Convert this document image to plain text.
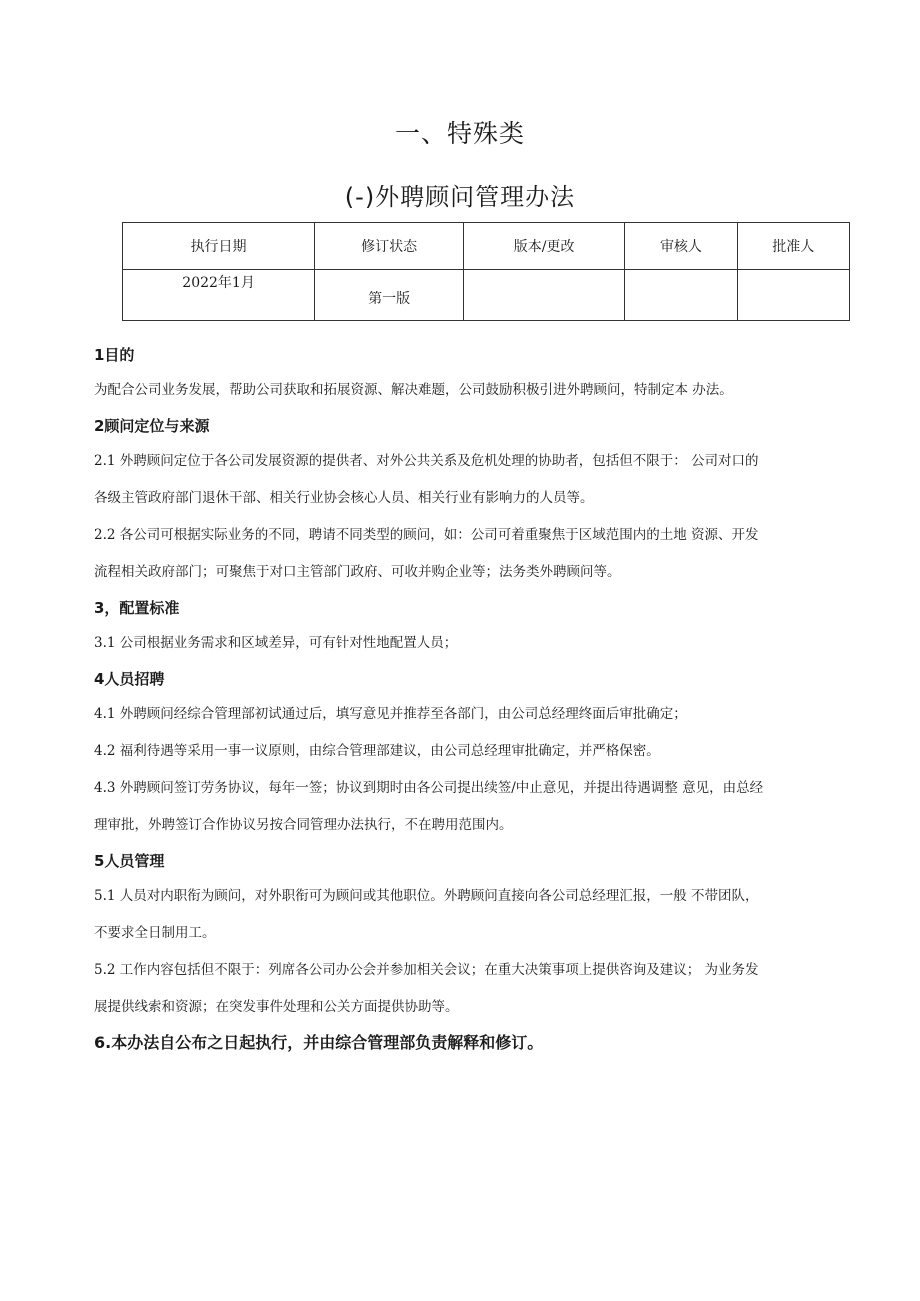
一、特殊类
(-)外聘顾问管理办法
执行日期	修订状态	版本/更改	审核人	批准人
2022年1月	第一版			

1目的

为配合公司业务发展，帮助公司获取和拓展资源、解决难题，公司鼓励积极引进外聘顾问，特制定本 办法。

2顾问定位与来源

2.1 外聘顾问定位于各公司发展资源的提供者、对外公共关系及危机处理的协助者，包括但不限于： 公司对口的

各级主管政府部门退休干部、相关行业协会核心人员、相关行业有影响力的人员等。

2.2 各公司可根据实际业务的不同，聘请不同类型的顾问，如：公司可着重聚焦于区域范围内的土地 资源、开发

流程相关政府部门；可聚焦于对口主管部门政府、可收并购企业等；法务类外聘顾问等。

3，配置标准

3.1 公司根据业务需求和区域差异，可有针对性地配置人员；

4人员招聘

4.1 外聘顾问经综合管理部初试通过后，填写意见并推荐至各部门，由公司总经理终面后审批确定；

4.2 福利待遇等采用一事一议原则，由综合管理部建议，由公司总经理审批确定，并严格保密。

4.3 外聘顾问签订劳务协议，每年一签；协议到期时由各公司提出续签/中止意见，并提出待遇调整 意见，由总经

理审批，外聘签订合作协议另按合同管理办法执行，不在聘用范围内。

5人员管理

5.1 人员对内职衔为顾问，对外职衔可为顾问或其他职位。外聘顾问直接向各公司总经理汇报，一般 不带团队，

不要求全日制用工。

5.2 工作内容包括但不限于：列席各公司办公会并参加相关会议；在重大决策事项上提供咨询及建议； 为业务发

展提供线索和资源；在突发事件处理和公关方面提供协助等。

6.本办法自公布之日起执行，并由综合管理部负责解释和修订。
